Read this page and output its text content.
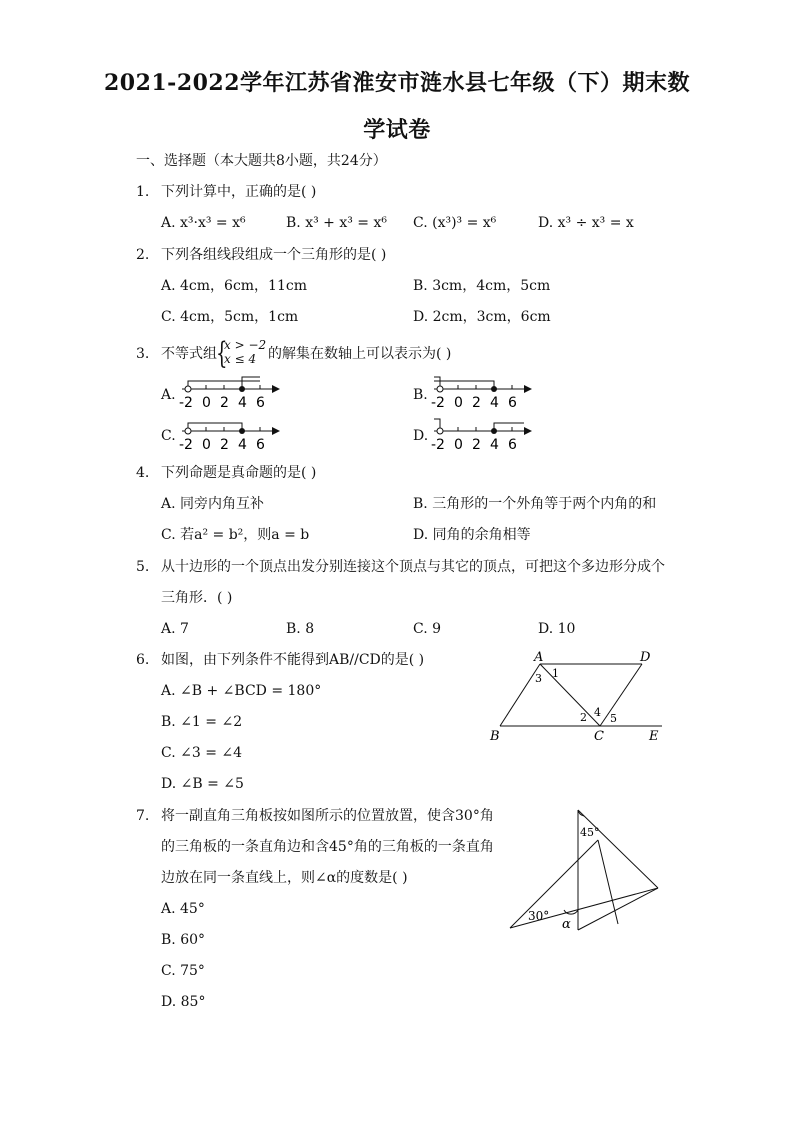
2021-2022学年江苏省淮安市涟水县七年级（下）期末数
学试卷
一、选择题（本大题共8小题，共24分）
1. 下列计算中，正确的是( )
A. x³·x³ = x⁶	B. x³ + x³ = x⁶ C. (x³)³ = x⁶	D. x³ ÷ x³ = x
2. 下列各组线段组成一个三角形的是( )
A. 4cm，6cm，11cm	B. 3cm，4cm，5cm
C. 4cm，5cm，1cm	D. 2cm，3cm，6cm
3. 不等式组 {
x > −2
x ≤ 4 的解集在数轴上可以表示为( )
A.	B.
C.	D.
-2 0 2 4 6	-2 0 2 4 6
-2 0 2 4 6	-2 0 2 4 6
4. 下列命题是真命题的是( )
A. 同旁内角互补	B. 三角形的一个外角等于两个内角的和
C. 若a² = b²，则a = b	D. 同角的余角相等
5. 从十边形的一个顶点出发分别连接这个顶点与其它的顶点，可把这个多边形分成个
三角形．( )
A. 7	B. 8	C. 9	D. 10
6. 如图，由下列条件不能得到AB//CD的是( )
A. ∠B + ∠BCD = 180°
B. ∠1 = ∠2
C. ∠3 = ∠4
D. ∠B = ∠5
A	D
B	C	E
1
3
2 4 5
7. 将一副直角三角板按如图所示的位置放置，使含30°角
的三角板的一条直角边和含45°角的三角板的一条直角
边放在同一条直线上，则∠α的度数是( )
A. 45°
B. 60°
C. 75°
D. 85°
45°
30°
α
